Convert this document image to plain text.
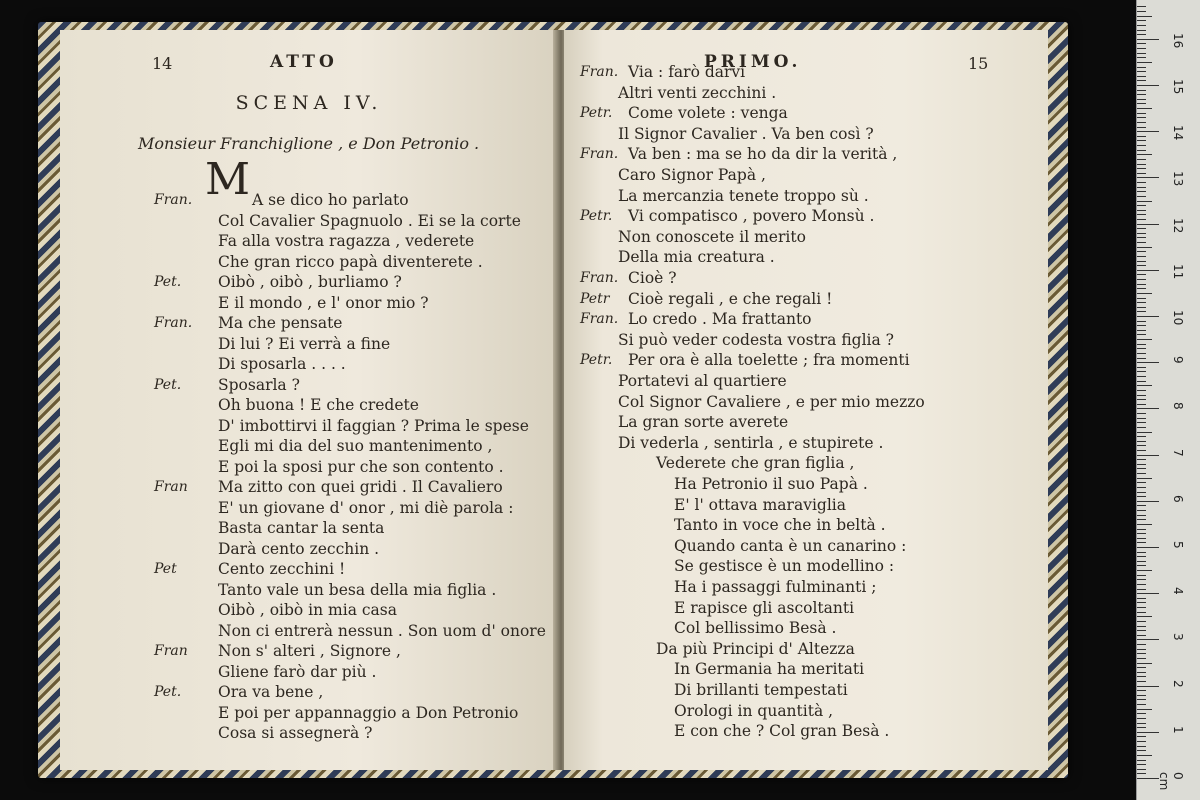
14	ATTO
SCENA IV.
Monsieur Franchiglione , e Don Petronio .
M
Fran.	A se dico ho parlato
Col Cavalier Spagnuolo . Ei se la corte
Fa alla vostra ragazza , vederete
Che gran ricco papà diventerete .
Pet. Oibò , oibò , burliamo ?
E il mondo , e l' onor mio ?
Fran. Ma che pensate
Di lui ? Ei verrà a fine
Di sposarla . . . .
Pet. Sposarla ?
Oh buona ! E che credete
D' imbottirvi il faggian ? Prima le spese
Egli mi dia del suo mantenimento ,
E poi la sposi pur che son contento .
Fran Ma zitto con quei gridi . Il Cavaliero
E' un giovane d' onor , mi diè parola :
Basta cantar la senta
Darà cento zecchin .
Pet	Cento zecchini !
Tanto vale un besa della mia figlia .
Oibò , oibò in mia casa
Non ci entrerà nessun . Son uom d' onore
Fran Non s' alteri , Signore ,
Gliene farò dar più .
Pet. Ora va bene ,
E poi per appannaggio a Don Petronio
Cosa si assegnerà ?
PRIMO.	15
Fran. Via : farò darvi
Altri venti zecchini .
Petr. Come volete : venga
Il Signor Cavalier . Va ben così ?
Fran. Va ben : ma se ho da dir la verità ,
Caro Signor Papà ,
La mercanzia tenete troppo sù .
Petr. Vi compatisco , povero Monsù .
Non conoscete il merito
Della mia creatura .
Fran. Cioè ?
Petr Cioè regali , e che regali !
Fran. Lo credo . Ma frattanto
Si può veder codesta vostra figlia ?
Petr. Per ora è alla toelette ; fra momenti
Portatevi al quartiere
Col Signor Cavaliere , e per mio mezzo
La gran sorte averete
Di vederla , sentirla , e stupirete .
Vederete che gran figlia ,
Ha Petronio il suo Papà .
E' l' ottava maraviglia
Tanto in voce che in beltà .
Quando canta è un canarino :
Se gestisce è un modellino :
Ha i passaggi fulminanti ;
E rapisce gli ascoltanti
Col bellissimo Besà .
Da più Principi d' Altezza
In Germania ha meritati
Di brillanti tempestati
Orologi in quantità ,
E con che ? Col gran Besà .
0 cm
1
2
3
4
5
6
7
8
9
10
11
12
13
14
15
16
